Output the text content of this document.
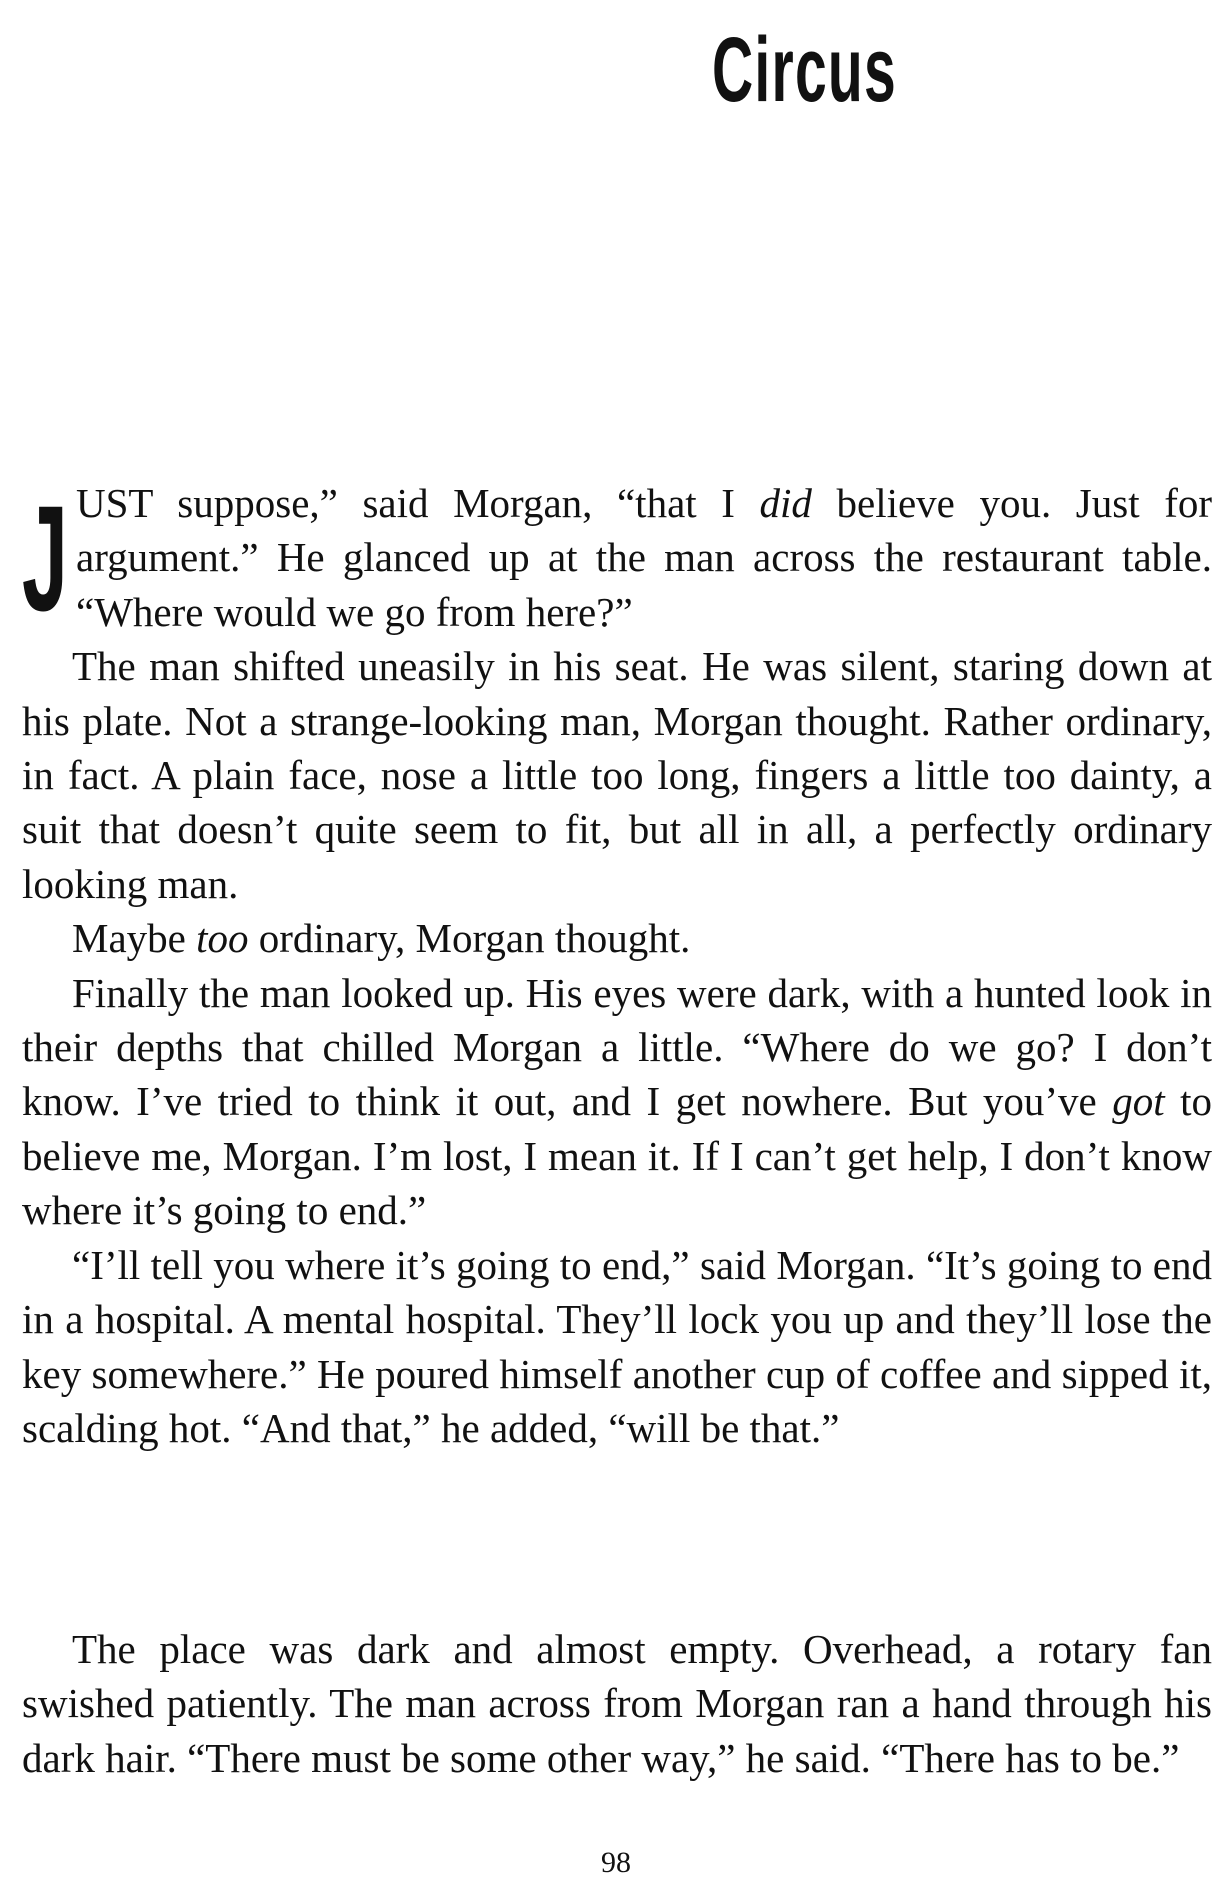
Circus
J UST suppose,” said Morgan, “that I did believe you. Just for argument.” He glanced up at the man across the restaurant table. “Where would we go from here?”

The man shifted uneasily in his seat. He was silent, staring down at his plate. Not a strange-looking man, Morgan thought. Rather ordinary, in fact. A plain face, nose a little too long, fingers a little too dainty, a suit that doesn’t quite seem to fit, but all in all, a perfectly ordinary looking man.

Maybe too ordinary, Morgan thought.

Finally the man looked up. His eyes were dark, with a hunted look in their depths that chilled Morgan a little. “Where do we go? I don’t know. I’ve tried to think it out, and I get nowhere. But you’ve got to believe me, Morgan. I’m lost, I mean it. If I can’t get help, I don’t know where it’s going to end.”

“I’ll tell you where it’s going to end,” said Morgan. “It’s going to end in a hospital. A mental hospital. They’ll lock you up and they’ll lose the key somewhere.” He poured himself another cup of coffee and sipped it, scalding hot. “And that,” he added, “will be that.”

The place was dark and almost empty. Overhead, a rotary fan swished patiently. The man across from Morgan ran a hand through his dark hair. “There must be some other way,” he said. “There has to be.”

98
